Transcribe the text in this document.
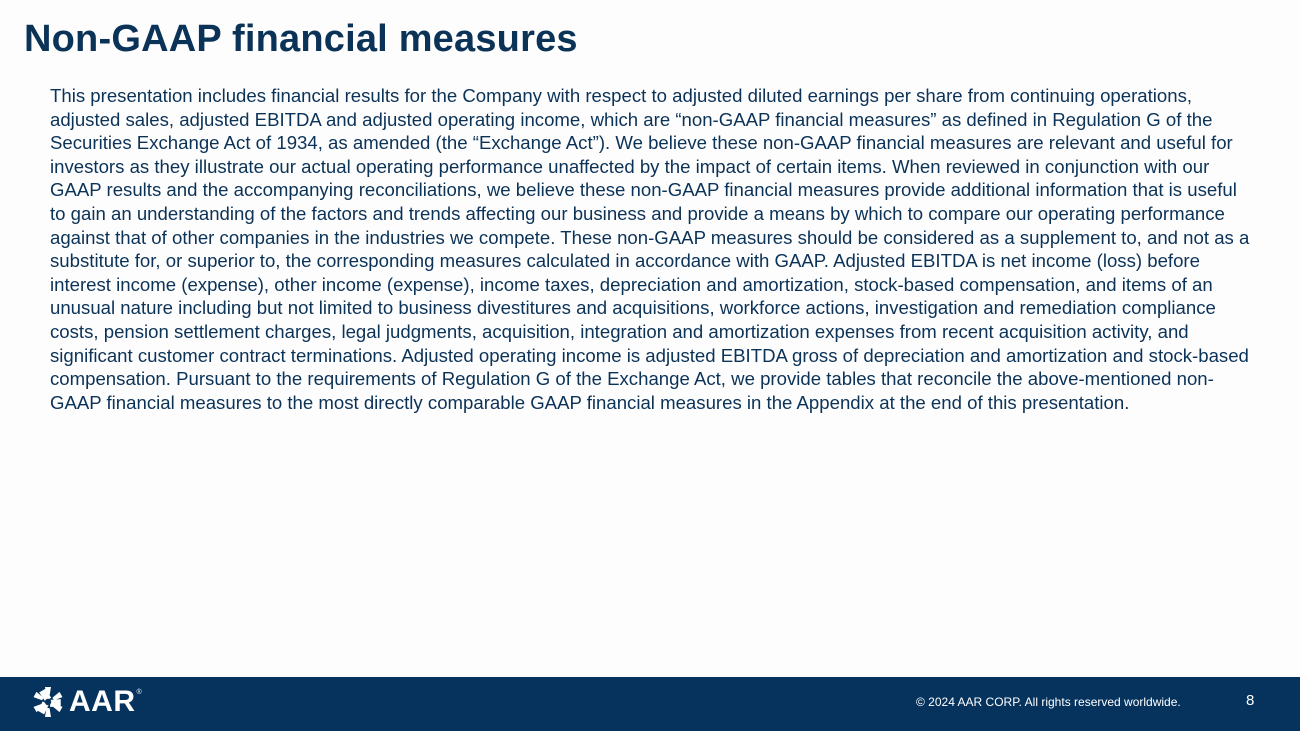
Non-GAAP financial measures

This presentation includes financial results for the Company with respect to adjusted diluted earnings per share from continuing operations, adjusted sales, adjusted EBITDA and adjusted operating income, which are “non-GAAP financial measures” as defined in Regulation G of the Securities Exchange Act of 1934, as amended (the “Exchange Act”). We believe these non-GAAP financial measures are relevant and useful for investors as they illustrate our actual operating performance unaffected by the impact of certain items. When reviewed in conjunction with our GAAP results and the accompanying reconciliations, we believe these non-GAAP financial measures provide additional information that is useful to gain an understanding of the factors and trends affecting our business and provide a means by which to compare our operating performance against that of other companies in the industries we compete. These non-GAAP measures should be considered as a supplement to, and not as a substitute for, or superior to, the corresponding measures calculated in accordance with GAAP. Adjusted EBITDA is net income (loss) before interest income (expense), other income (expense), income taxes, depreciation and amortization, stock-based compensation, and items of an unusual nature including but not limited to business divestitures and acquisitions, workforce actions, investigation and remediation compliance costs, pension settlement charges, legal judgments, acquisition, integration and amortization expenses from recent acquisition activity, and significant customer contract terminations. Adjusted operating income is adjusted EBITDA gross of depreciation and amortization and stock-based compensation. Pursuant to the requirements of Regulation G of the Exchange Act, we provide tables that reconcile the above-mentioned non-GAAP financial measures to the most directly comparable GAAP financial measures in the Appendix at the end of this presentation.

AAR ®
© 2024 AAR CORP. All rights reserved worldwide.	8
